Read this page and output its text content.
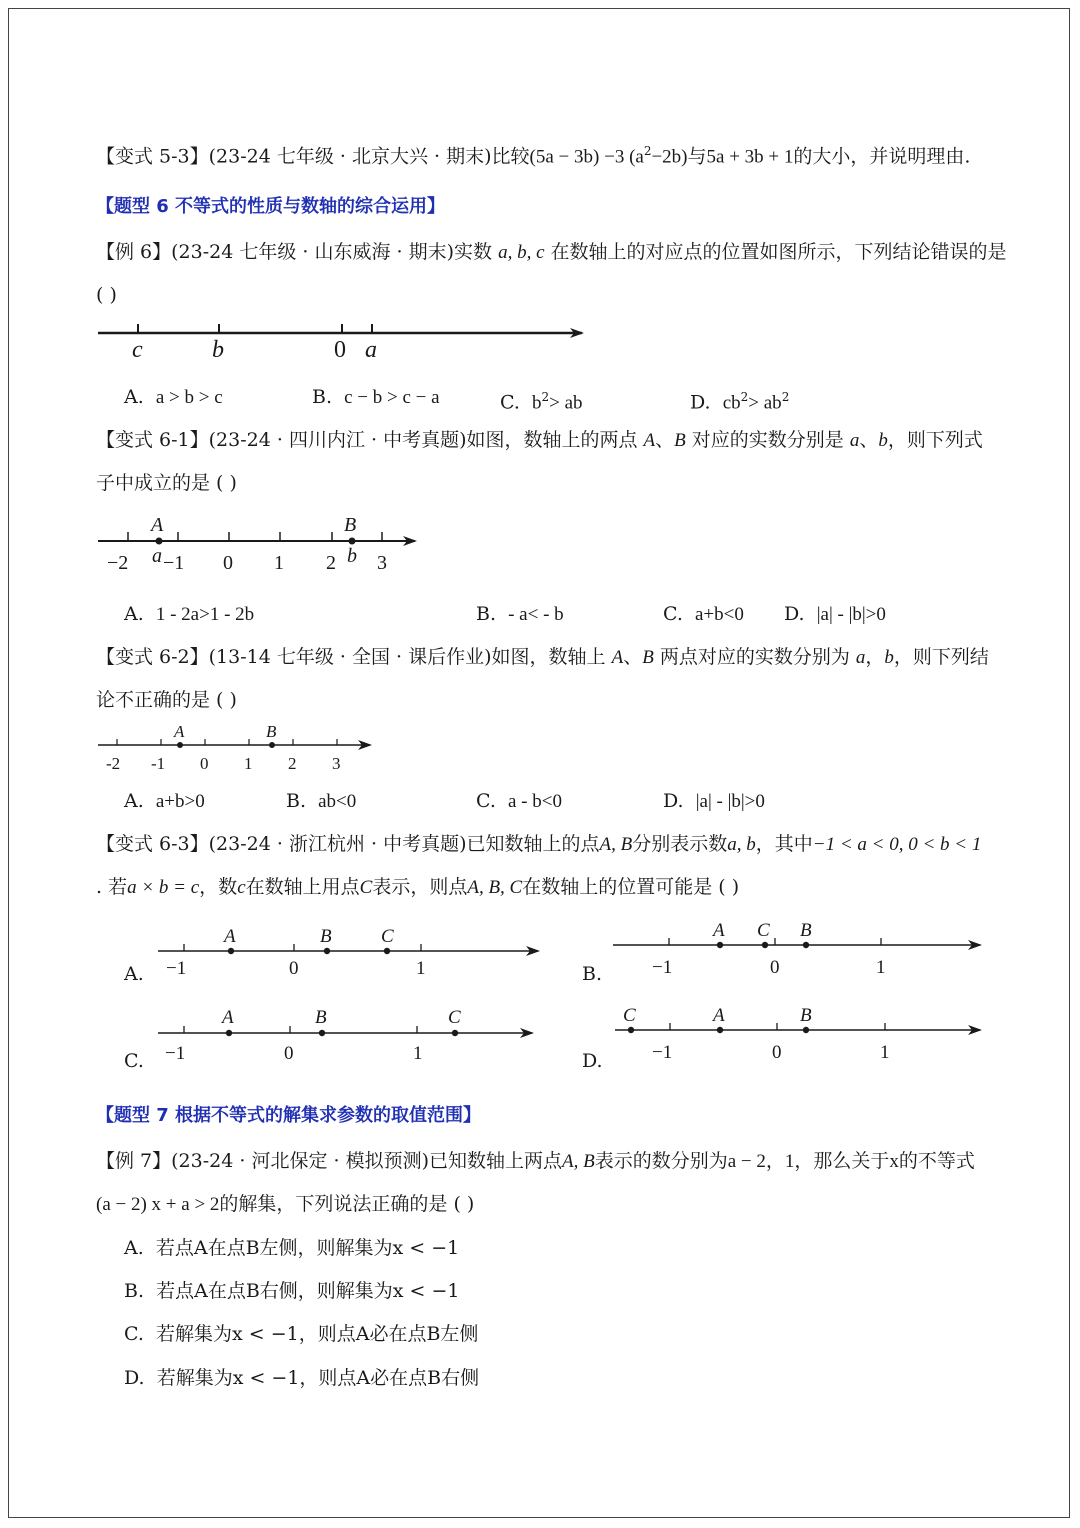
【变式 5-3】(23-24 七年级 · 北京大兴 · 期末)比较(5a − 3b) −3 $(a^2-2b)$与5a + 3b + 1的大小，并说明理由.
【题型 6 不等式的性质与数轴的综合运用】
【例 6】(23-24 七年级 · 山东威海 · 期末)实数 a, b, c 在数轴上的对应点的位置如图所示，下列结论错误的是
( )
A. a > b > c	B. c − b > c − a	C. $b^2>$ ab	D. $cb^2> ab^2$
【变式 6-1】(23-24 · 四川内江 · 中考真题)如图，数轴上的两点 A、B 对应的实数分别是 a、b，则下列式
子中成立的是 ( )
A. 1 - 2a>1 - 2b	B. - a< - b	C. a+b<0 D. |a| - |b|>0
【变式 6-2】(13-14 七年级 · 全国 · 课后作业)如图，数轴上 A、B 两点对应的实数分别为 a，b，则下列结
论不正确的是 ( )
A. a+b>0	B. ab<0	C. a - b<0	D. |a| - |b|>0
【变式 6-3】(23-24 · 浙江杭州 · 中考真题)已知数轴上的点A, B分别表示数a, b，其中−1 < a < 0, 0 < b < 1
. 若a × b = c，数c在数轴上用点C表示，则点A, B, C在数轴上的位置可能是 ( )
A.	B.
C.	D.
【题型 7 根据不等式的解集求参数的取值范围】
【例 7】(23-24 · 河北保定 · 模拟预测)已知数轴上两点A, B表示的数分别为a − 2，1，那么关于x的不等式
(a − 2) x + a > 2的解集，下列说法正确的是 ( )
A. 若点A在点B左侧，则解集为x < −1
B. 若点A在点B右侧，则解集为x < −1
C. 若解集为x < −1，则点A必在点B左侧
D. 若解集为x < −1，则点A必在点B右侧
c	b	0 a
A	B
a	b
−2 −1 0 1 2 3
A	B
-2 -1 0 1 2 3
A	B	C
−1	0	1
A C B
−1	0	1
A	B	C
−1	0	1
C	A	B
−1	0	1
